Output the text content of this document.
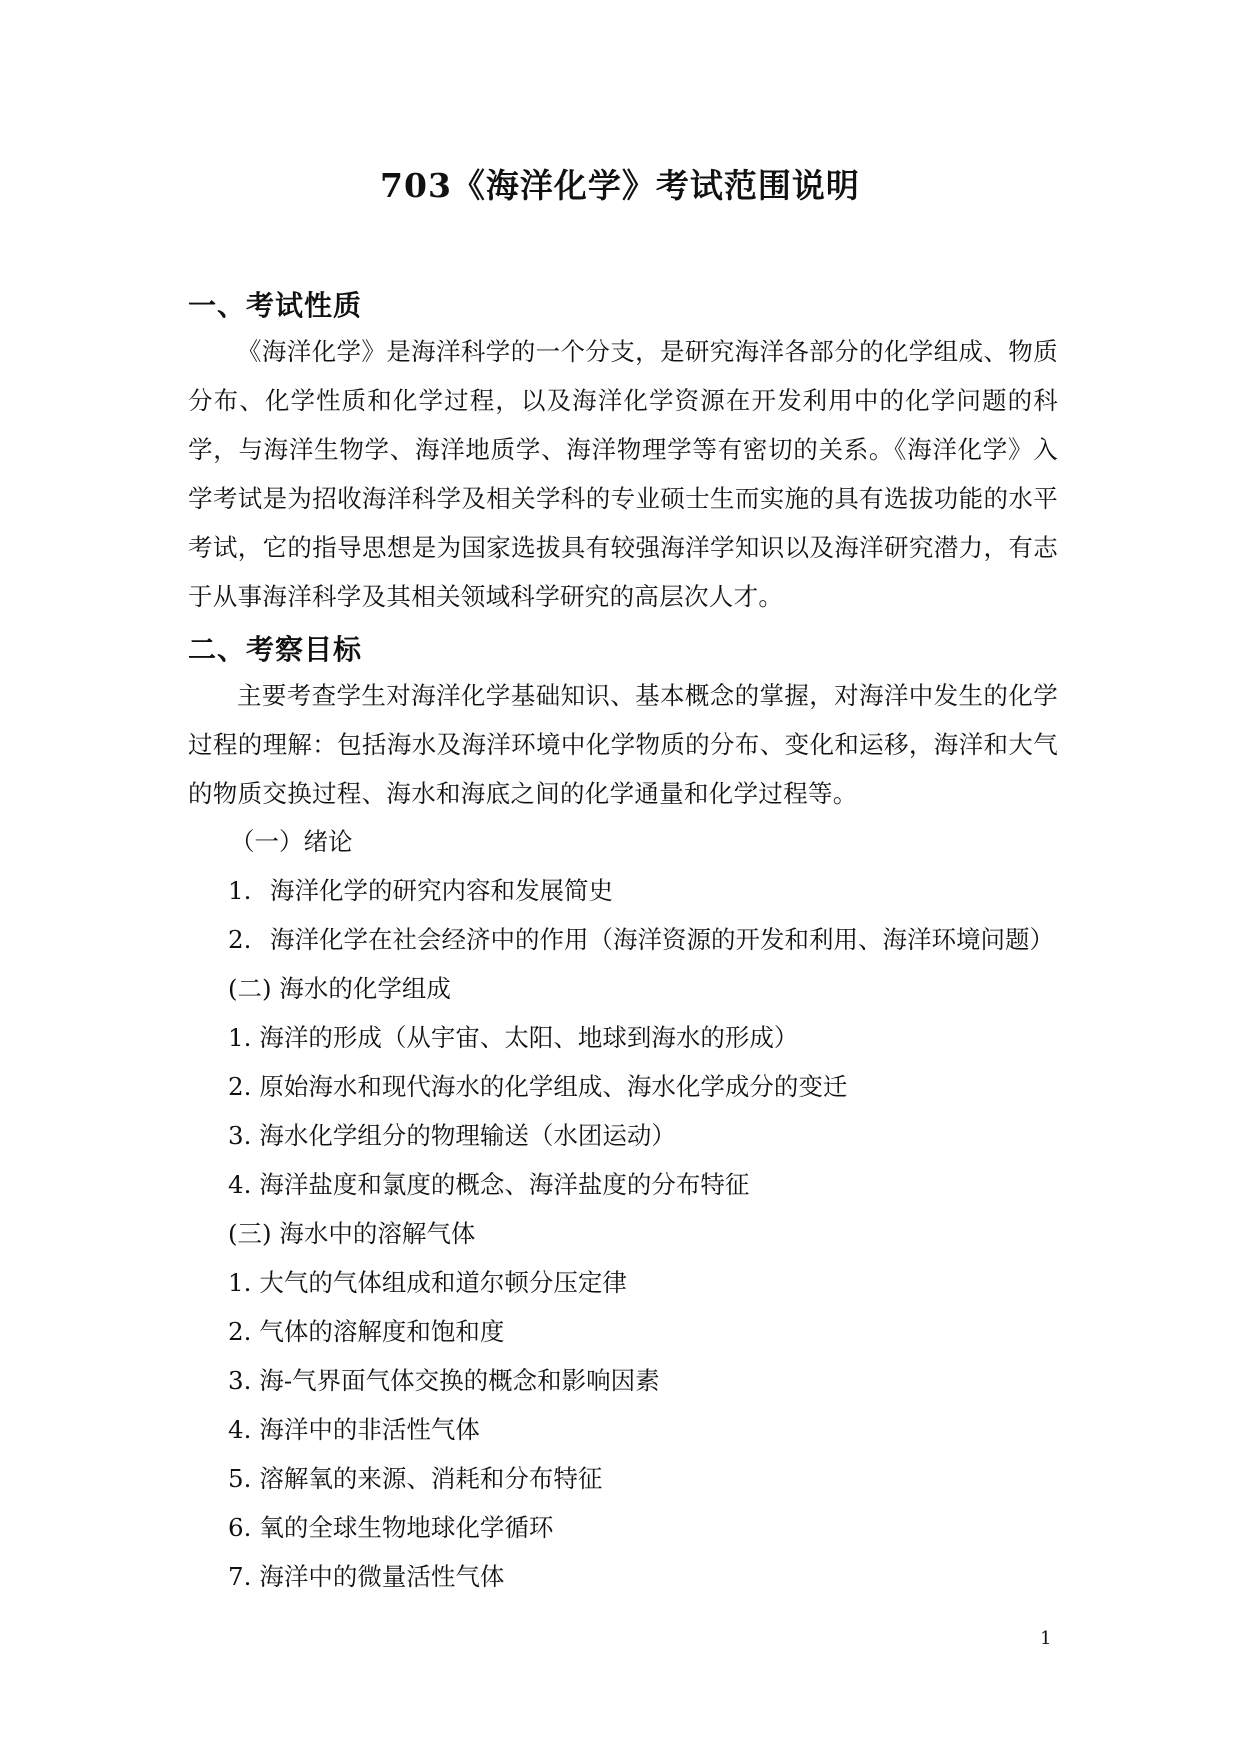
703《海洋化学》考试范围说明
一、考试性质
《海洋化学》是海洋科学的一个分支，是研究海洋各部分的化学组成、物质分布、化学性质和化学过程，以及海洋化学资源在开发利用中的化学问题的科学，与海洋生物学、海洋地质学、海洋物理学等有密切的关系。《海洋化学》入学考试是为招收海洋科学及相关学科的专业硕士生而实施的具有选拔功能的水平考试，它的指导思想是为国家选拔具有较强海洋学知识以及海洋研究潜力，有志于从事海洋科学及其相关领域科学研究的高层次人才。
二、考察目标
主要考查学生对海洋化学基础知识、基本概念的掌握，对海洋中发生的化学过程的理解：包括海水及海洋环境中化学物质的分布、变化和运移，海洋和大气的物质交换过程、海水和海底之间的化学通量和化学过程等。
（一）绪论
1. 海洋化学的研究内容和发展简史
2. 海洋化学在社会经济中的作用（海洋资源的开发和利用、海洋环境问题）
(二) 海水的化学组成
1. 海洋的形成（从宇宙、太阳、地球到海水的形成）
2. 原始海水和现代海水的化学组成、海水化学成分的变迁
3. 海水化学组分的物理输送（水团运动）
4. 海洋盐度和氯度的概念、海洋盐度的分布特征
(三) 海水中的溶解气体
1. 大气的气体组成和道尔顿分压定律
2. 气体的溶解度和饱和度
3. 海-气界面气体交换的概念和影响因素
4. 海洋中的非活性气体
5. 溶解氧的来源、消耗和分布特征
6. 氧的全球生物地球化学循环
7. 海洋中的微量活性气体
1
